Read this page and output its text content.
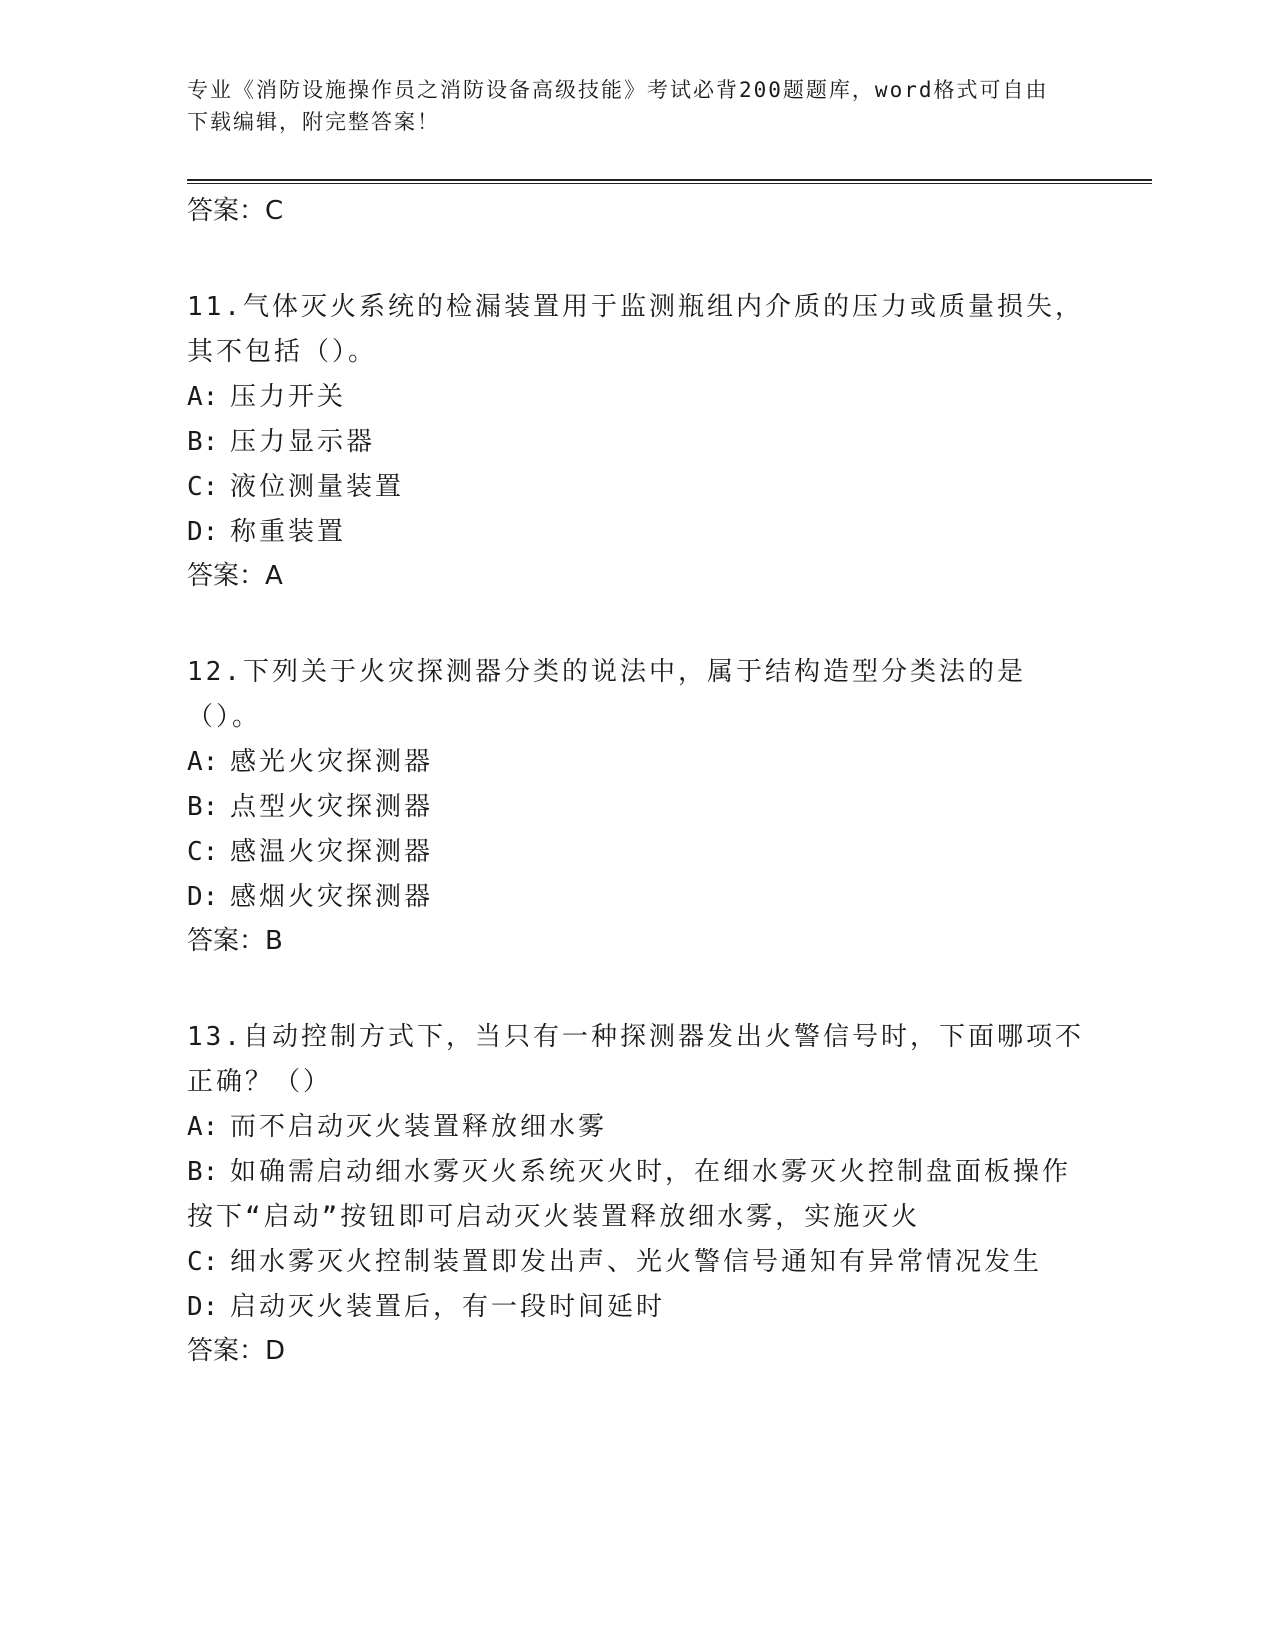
专业《消防设施操作员之消防设备高级技能》考试必背200题题库，word格式可自由下载编辑，附完整答案！
答案：C
11.气体灭火系统的检漏装置用于监测瓶组内介质的压力或质量损失，其不包括（）。
A: 压力开关
B: 压力显示器
C: 液位测量装置
D: 称重装置
答案：A
12.下列关于火灾探测器分类的说法中，属于结构造型分类法的是（）。
A: 感光火灾探测器
B: 点型火灾探测器
C: 感温火灾探测器
D: 感烟火灾探测器
答案：B
13.自动控制方式下，当只有一种探测器发出火警信号时，下面哪项不正确？（）
A: 而不启动灭火装置释放细水雾
B: 如确需启动细水雾灭火系统灭火时，在细水雾灭火控制盘面板操作按下“启动”按钮即可启动灭火装置释放细水雾，实施灭火
C: 细水雾灭火控制装置即发出声、光火警信号通知有异常情况发生
D: 启动灭火装置后，有一段时间延时
答案：D
